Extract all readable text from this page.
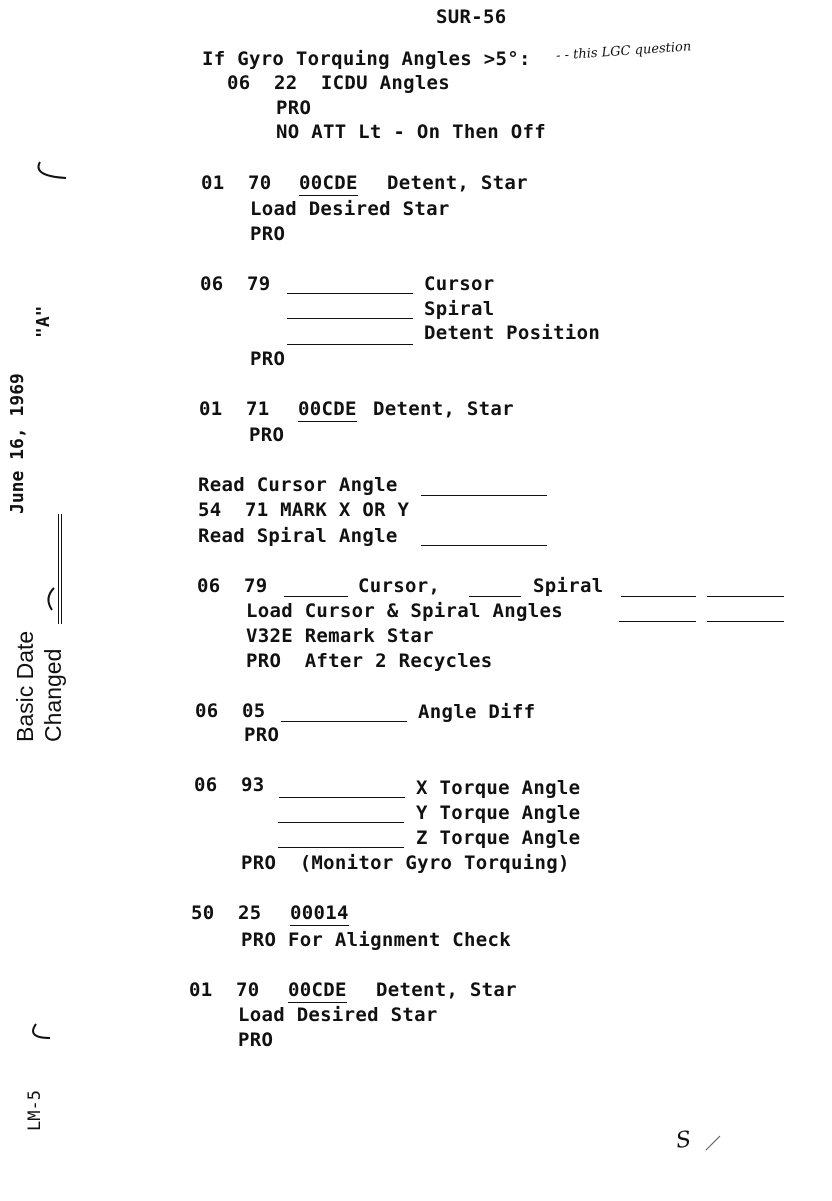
SUR-56
If Gyro Torquing Angles >5°: - - this LGC question
06  22  ICDU Angles
PRO
NO ATT Lt - On Then Off
01  70 00CDE Detent, Star
Load Desired Star
PRO
06  79	Cursor
Spiral
Detent Position
PRO
01  71 00CDE Detent, Star
PRO
Read Cursor Angle
54  71 MARK X OR Y
Read Spiral Angle
06  79	Cursor,	Spiral
Load Cursor & Spiral Angles
V32E Remark Star
PRO  After 2 Recycles
06  05	Angle Diff
PRO
06  93	X Torque Angle
Y Torque Angle
Z Torque Angle
PRO  (Monitor Gyro Torquing)
50  25 00014
PRO For Alignment Check
01  70 00CDE Detent, Star
Load Desired Star
PRO
Basic Date Changed
June 16, 1969
"A"
LM-5
S
